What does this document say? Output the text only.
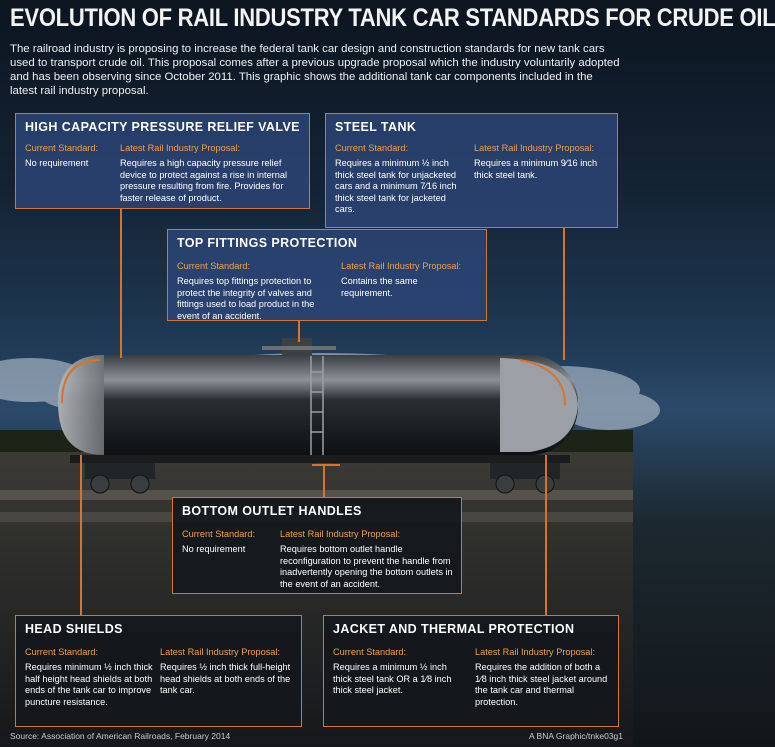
EVOLUTION OF RAIL INDUSTRY TANK CAR STANDARDS FOR CRUDE OIL
The railroad industry is proposing to increase the federal tank car design and construction standards for new tank cars used to transport crude oil. This proposal comes after a previous upgrade proposal which the industry voluntarily adopted and has been observing since October 2011. This graphic shows the additional tank car components included in the latest rail industry proposal.
HIGH CAPACITY PRESSURE RELIEF VALVE
Current Standard:
No requirement
Latest Rail Industry Proposal:
Requires a high capacity pressure relief device to protect against a rise in internal pressure resulting from fire. Provides for faster release of product.
STEEL TANK
Current Standard:
Requires a minimum ½ inch thick steel tank for unjacketed cars and a minimum 7⁄16 inch thick steel tank for jacketed cars.
Latest Rail Industry Proposal:
Requires a minimum 9⁄16 inch thick steel tank.
TOP FITTINGS PROTECTION
Current Standard:
Requires top fittings protection to protect the integrity of valves and fittings used to load product in the event of an accident.
Latest Rail Industry Proposal:
Contains the same requirement.
BOTTOM OUTLET HANDLES
Current Standard:
No requirement
Latest Rail Industry Proposal:
Requires bottom outlet handle reconfiguration to prevent the handle from inadvertently opening the bottom outlets in the event of an accident.
HEAD SHIELDS
Current Standard:
Requires minimum ½ inch thick half height head shields at both ends of the tank car to improve puncture resistance.
Latest Rail Industry Proposal:
Requires ½ inch thick full-height head shields at both ends of the tank car.
JACKET AND THERMAL PROTECTION
Current Standard:
Requires a minimum ½ inch thick steel tank OR a 1⁄8 inch thick steel jacket.
Latest Rail Industry Proposal:
Requires the addition of both a 1⁄8 inch thick steel jacket around the tank car and thermal protection.
Source: Association of American Railroads, February 2014	A BNA Graphic/tnke03g1
